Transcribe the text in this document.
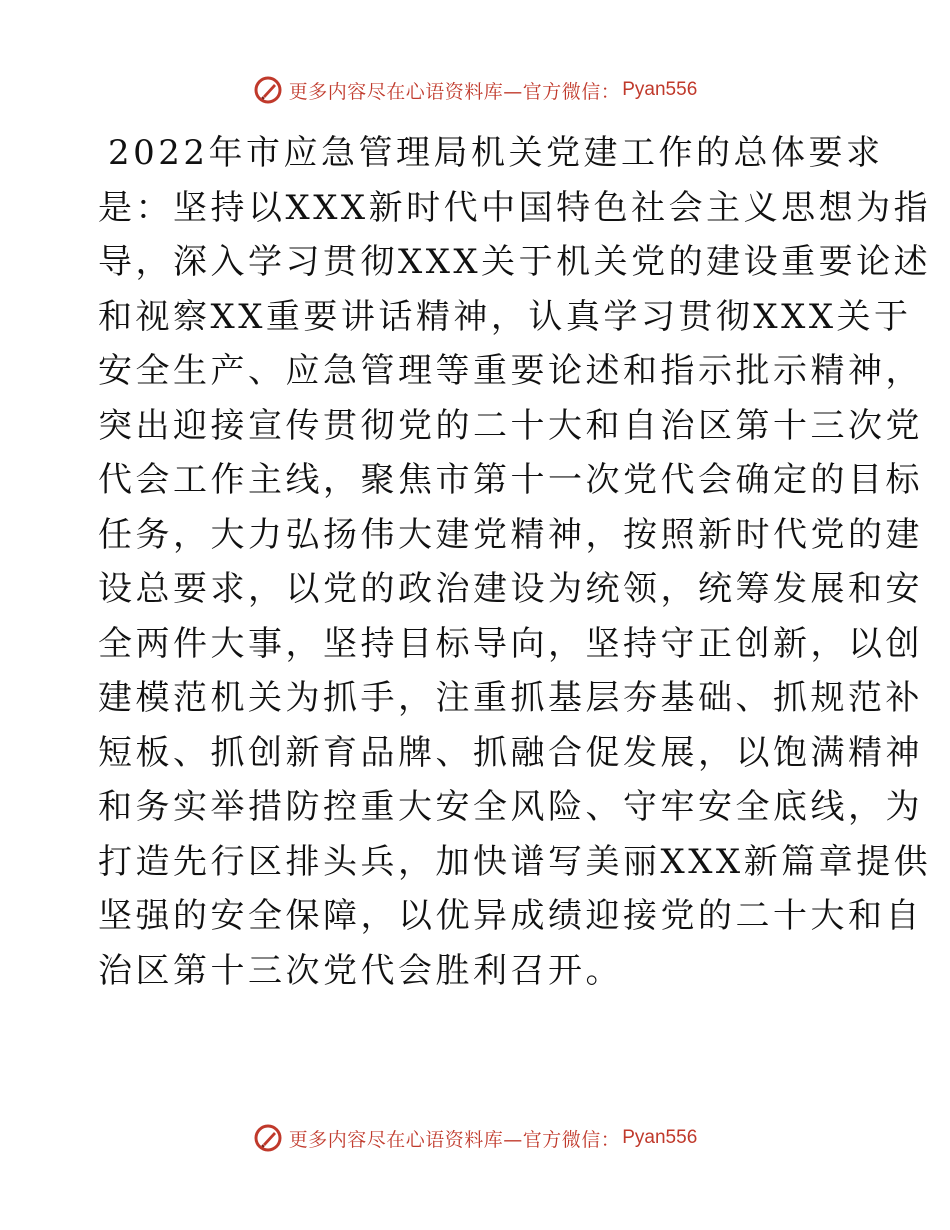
更多内容尽在心语资料库—官方微信： Pyan556
2022年市应急管理局机关党建工作的总体要求
是：坚持以XXX新时代中国特色社会主义思想为指
导，深入学习贯彻XXX关于机关党的建设重要论述
和视察XX重要讲话精神，认真学习贯彻XXX关于
安全生产、应急管理等重要论述和指示批示精神，
突出迎接宣传贯彻党的二十大和自治区第十三次党
代会工作主线，聚焦市第十一次党代会确定的目标
任务，大力弘扬伟大建党精神，按照新时代党的建
设总要求，以党的政治建设为统领，统筹发展和安
全两件大事，坚持目标导向，坚持守正创新，以创
建模范机关为抓手，注重抓基层夯基础、抓规范补
短板、抓创新育品牌、抓融合促发展，以饱满精神
和务实举措防控重大安全风险、守牢安全底线，为
打造先行区排头兵，加快谱写美丽XXX新篇章提供
坚强的安全保障，以优异成绩迎接党的二十大和自
治区第十三次党代会胜利召开。
更多内容尽在心语资料库—官方微信： Pyan556
